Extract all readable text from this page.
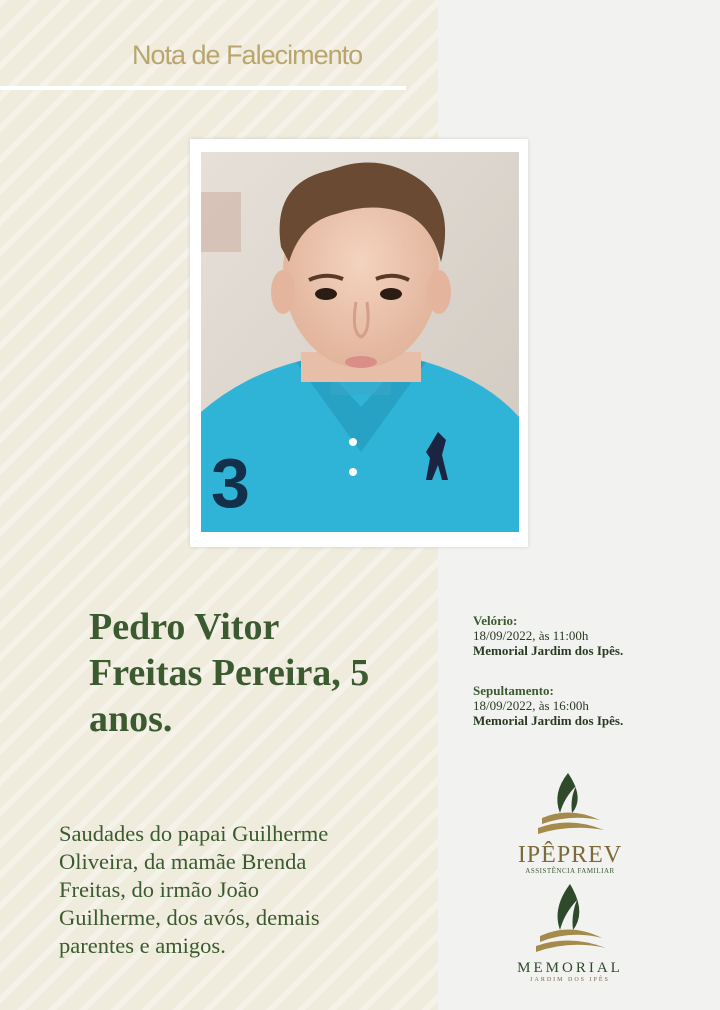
Nota de Falecimento
3
Pedro Vitor
Freitas Pereira, 5
anos.
Saudades do papai Guilherme
Oliveira, da mamãe Brenda
Freitas, do irmão João
Guilherme, dos avós, demais
parentes e amigos.
Velório:
18/09/2022, às 11:00h
Memorial Jardim dos Ipês.
Sepultamento:
18/09/2022, às 16:00h
Memorial Jardim dos Ipês.
IPÊPREV
ASSISTÊNCIA FAMILIAR
MEMORIAL
JARDIM DOS IPÊS
